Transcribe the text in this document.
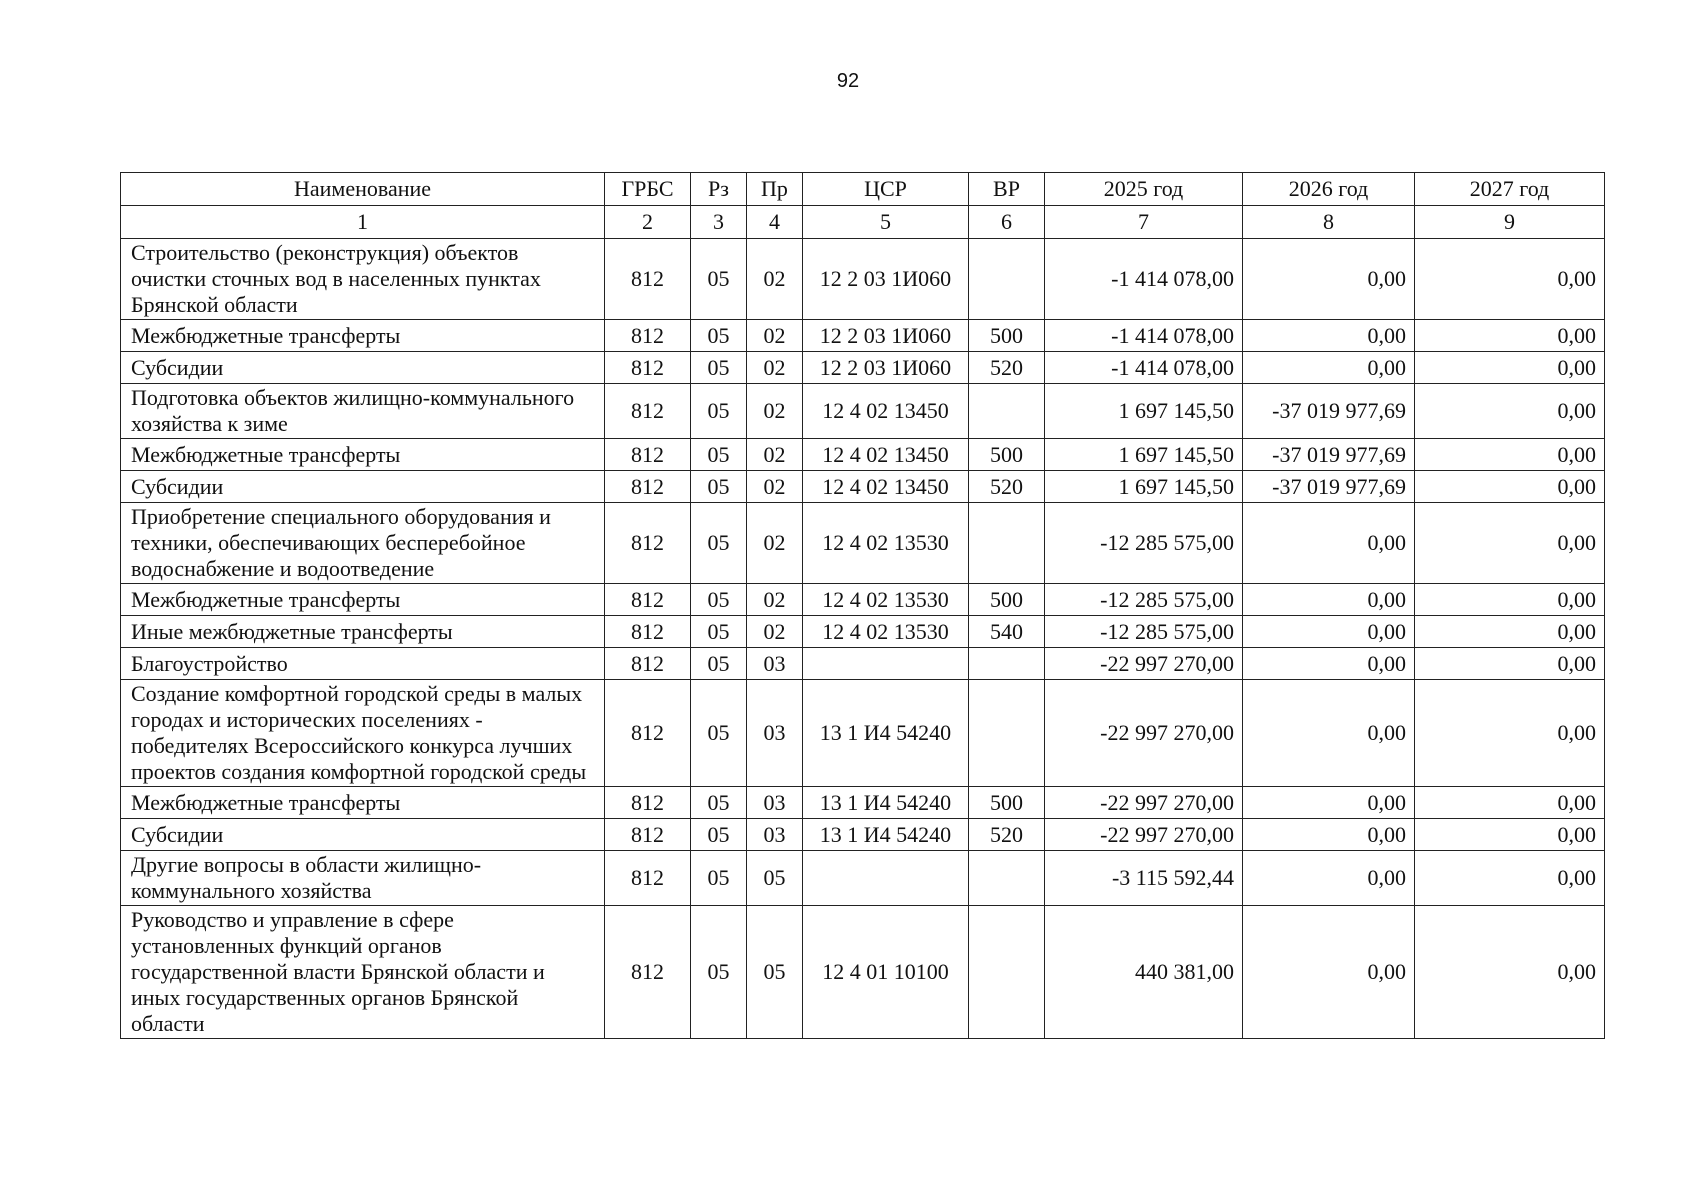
92
Наименование	ГРБС	Рз	Пр	ЦСР	ВР	2025 год	2026 год	2027 год
1	2	3	4	5	6	7	8	9
Строительство (реконструкция) объектов очистки сточных вод в населенных пунктах Брянской области	812	05	02	12 2 03 1И060		-1 414 078,00	0,00	0,00
Межбюджетные трансферты	812	05	02	12 2 03 1И060	500	-1 414 078,00	0,00	0,00
Субсидии	812	05	02	12 2 03 1И060	520	-1 414 078,00	0,00	0,00
Подготовка объектов жилищно-коммунального хозяйства к зиме	812	05	02	12 4 02 13450		1 697 145,50	-37 019 977,69	0,00
Межбюджетные трансферты	812	05	02	12 4 02 13450	500	1 697 145,50	-37 019 977,69	0,00
Субсидии	812	05	02	12 4 02 13450	520	1 697 145,50	-37 019 977,69	0,00
Приобретение специального оборудования и техники, обеспечивающих бесперебойное водоснабжение и водоотведение	812	05	02	12 4 02 13530		-12 285 575,00	0,00	0,00
Межбюджетные трансферты	812	05	02	12 4 02 13530	500	-12 285 575,00	0,00	0,00
Иные межбюджетные трансферты	812	05	02	12 4 02 13530	540	-12 285 575,00	0,00	0,00
Благоустройство	812	05	03			-22 997 270,00	0,00	0,00
Создание комфортной городской среды в малых городах и исторических поселениях - победителях Всероссийского конкурса лучших проектов создания комфортной городской среды	812	05	03	13 1 И4 54240		-22 997 270,00	0,00	0,00
Межбюджетные трансферты	812	05	03	13 1 И4 54240	500	-22 997 270,00	0,00	0,00
Субсидии	812	05	03	13 1 И4 54240	520	-22 997 270,00	0,00	0,00
Другие вопросы в области жилищно-коммунального хозяйства	812	05	05			-3 115 592,44	0,00	0,00
Руководство и управление в сфере установленных функций органов государственной власти Брянской области и иных государственных органов Брянской области	812	05	05	12 4 01 10100		440 381,00	0,00	0,00
